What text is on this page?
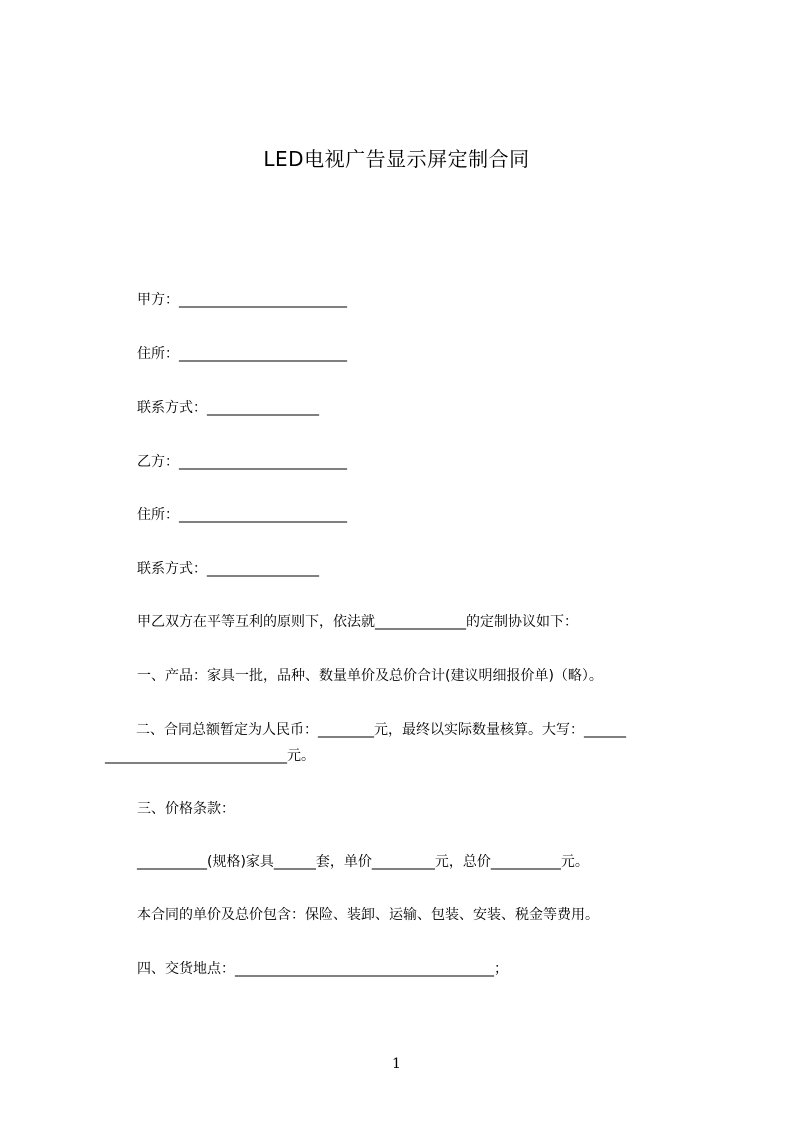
LED电视广告显示屏定制合同
甲方：________________________
住所：________________________
联系方式：________________
乙方：________________________
住所：________________________
联系方式：________________
甲乙双方在平等互利的原则下，依法就_____________的定制协议如下：
一、产品：家具一批，品种、数量单价及总价合计(建议明细报价单)（略）。
二、合同总额暂定为人民币：________元，最终以实际数量核算。大写：______ __________________________元。
三、价格条款：
__________(规格)家具______套，单价_________元，总价__________元。
本合同的单价及总价包含：保险、装卸、运输、包装、安装、税金等费用。
四、交货地点：_____________________________________；
1
